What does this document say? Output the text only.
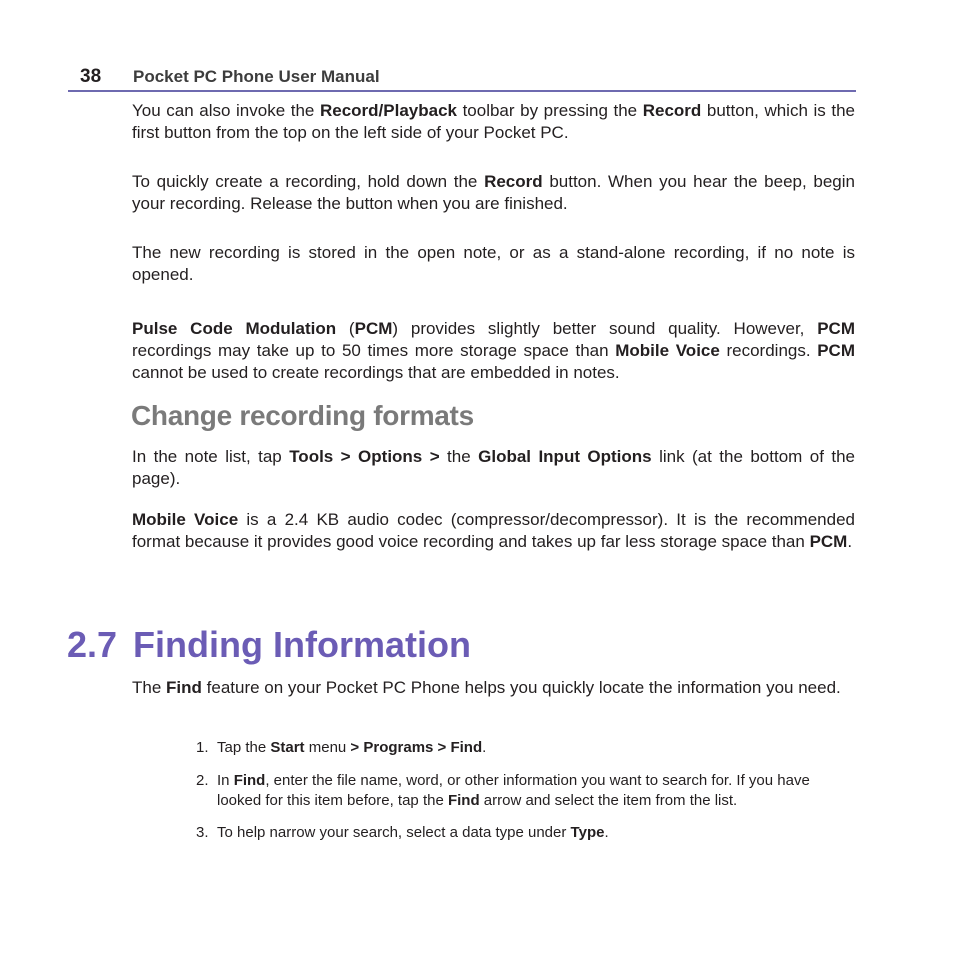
38 Pocket PC Phone User Manual

You can also invoke the Record/Playback toolbar by pressing the Record button, which is the first button from the top on the left side of your Pocket PC.

To quickly create a recording, hold down the Record button. When you hear the beep, begin your recording. Release the button when you are finished.

The new recording is stored in the open note, or as a stand-alone recording, if no note is opened.

Pulse Code Modulation (PCM) provides slightly better sound quality. However, PCM recordings may take up to 50 times more storage space than Mobile Voice recordings. PCM cannot be used to create recordings that are embedded in notes.

Change recording formats

In the note list, tap Tools > Options > the Global Input Options link (at the bottom of the page).

Mobile Voice is a 2.4 KB audio codec (compressor/decompressor). It is the recommended format because it provides good voice recording and takes up far less storage space than PCM.

2.7 Finding Information

The Find feature on your Pocket PC Phone helps you quickly locate the information you need.

1. Tap the Start menu > Programs > Find.
2. In Find, enter the file name, word, or other information you want to search for. If you have looked for this item before, tap the Find arrow and select the item from the list.
3. To help narrow your search, select a data type under Type.
